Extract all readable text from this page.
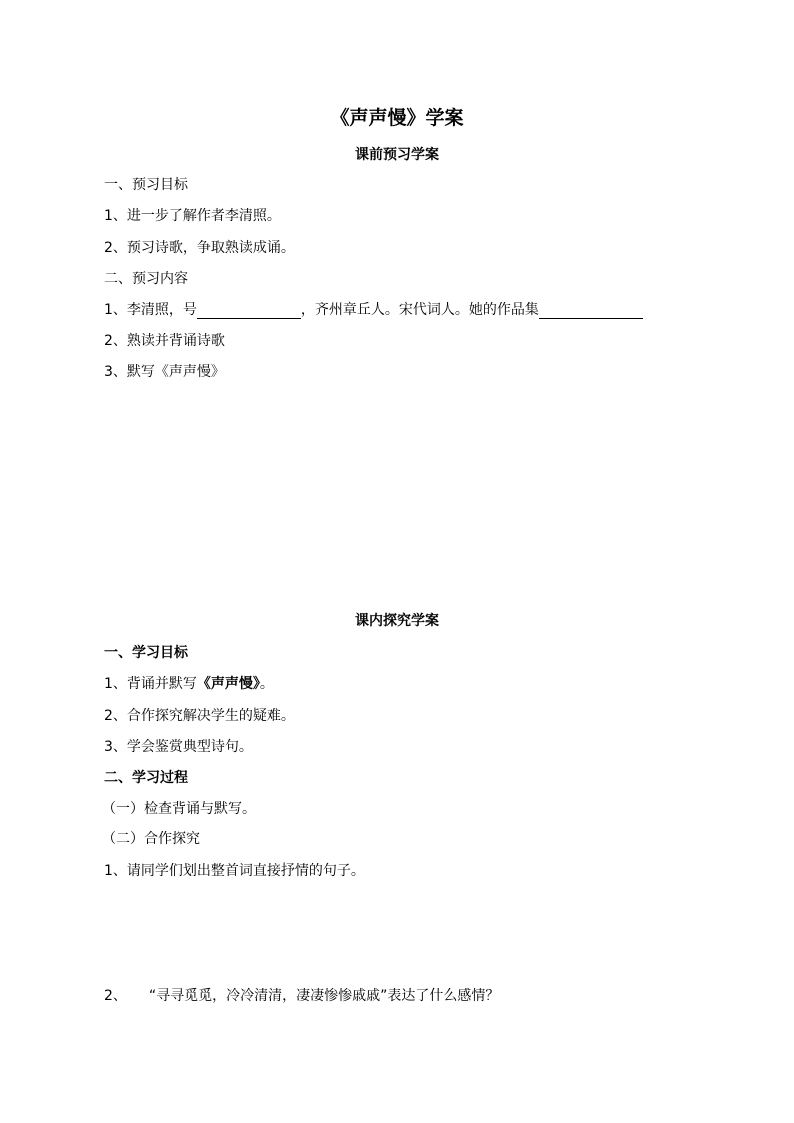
《声声慢》学案
课前预习学案
一、预习目标
1、进一步了解作者李清照。
2、预习诗歌，争取熟读成诵。
二、预习内容
1、李清照，号	，齐州章丘人。宋代词人。她的作品集
2、熟读并背诵诗歌
3、默写《声声慢》
课内探究学案
一、学习目标
1、背诵并默写《声声慢》。
2、合作探究解决学生的疑难。
3、学会鉴赏典型诗句。
二、学习过程
（一）检查背诵与默写。
（二）合作探究
1、请同学们划出整首词直接抒情的句子。
2、 “寻寻觅觅，冷冷清清，凄凄惨惨戚戚”表达了什么感情？
